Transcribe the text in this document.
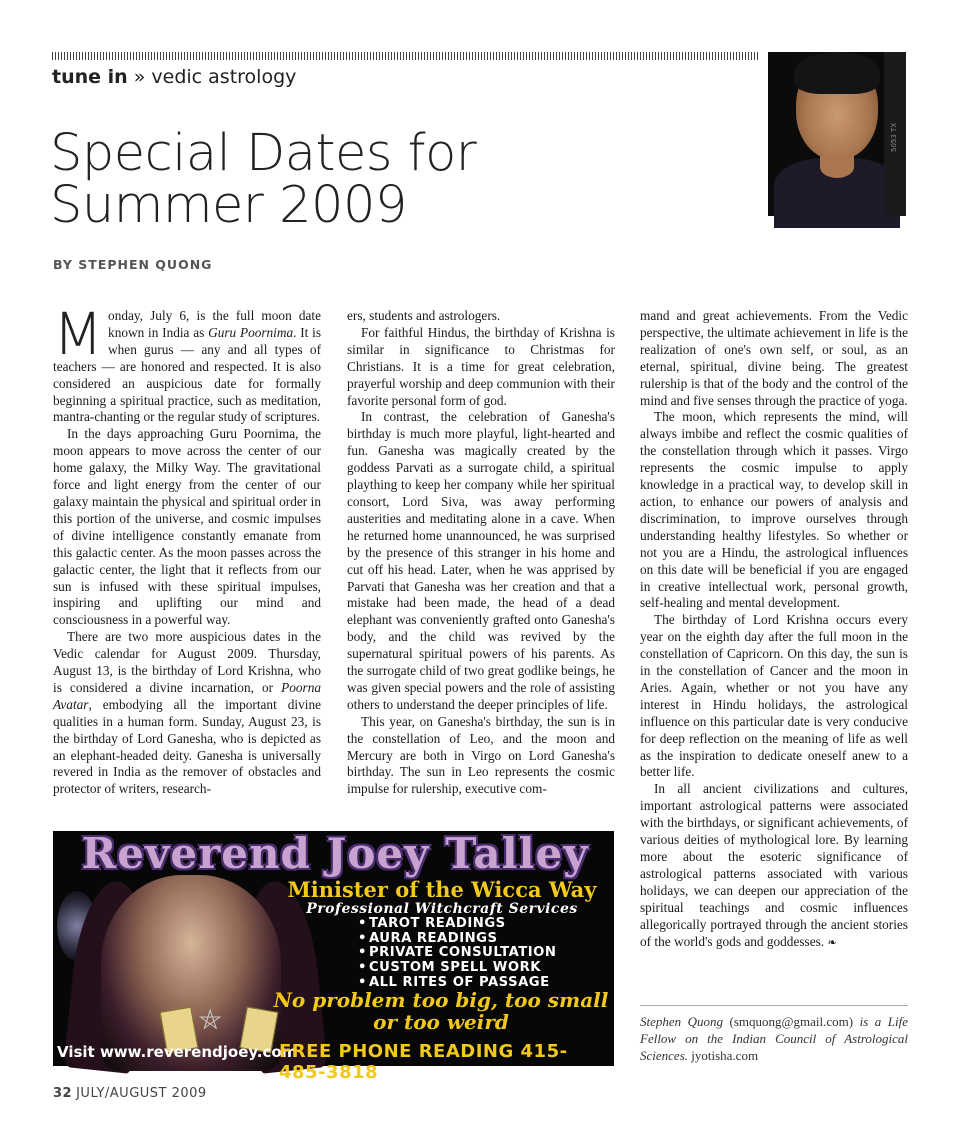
tune in » vedic astrology
Special Dates for Summer 2009
BY STEPHEN QUONG
5053 TX

Monday, July 6, is the full moon date known in India as Guru Poornima. It is when gurus — any and all types of teachers — are honored and respected. It is also considered an auspicious date for formally beginning a spiritual practice, such as meditation, mantra-chanting or the regular study of scriptures.

In the days approaching Guru Poornima, the moon appears to move across the center of our home galaxy, the Milky Way. The gravitational force and light energy from the center of our galaxy maintain the physical and spiritual order in this portion of the universe, and cosmic impulses of divine intelligence constantly emanate from this galactic center. As the moon passes across the galactic center, the light that it reflects from our sun is infused with these spiritual impulses, inspiring and uplifting our mind and consciousness in a powerful way.

There are two more auspicious dates in the Vedic calendar for August 2009. Thursday, August 13, is the birthday of Lord Krishna, who is considered a divine incarnation, or Poorna Avatar, embodying all the important divine qualities in a human form. Sunday, August 23, is the birthday of Lord Ganesha, who is depicted as an elephant-headed deity. Ganesha is universally revered in India as the remover of obstacles and protector of writers, research-

ers, students and astrologers.

For faithful Hindus, the birthday of Krishna is similar in significance to Christmas for Christians. It is a time for great celebration, prayerful worship and deep communion with their favorite personal form of god.

In contrast, the celebration of Ganesha's birthday is much more playful, light-hearted and fun. Ganesha was magically created by the goddess Parvati as a surrogate child, a spiritual plaything to keep her company while her spiritual consort, Lord Siva, was away performing austerities and meditating alone in a cave. When he returned home unannounced, he was surprised by the presence of this stranger in his home and cut off his head. Later, when he was apprised by Parvati that Ganesha was her creation and that a mistake had been made, the head of a dead elephant was conveniently grafted onto Ganesha's body, and the child was revived by the supernatural spiritual powers of his parents. As the surrogate child of two great godlike beings, he was given special powers and the role of assisting others to understand the deeper principles of life.

This year, on Ganesha's birthday, the sun is in the constellation of Leo, and the moon and Mercury are both in Virgo on Lord Ganesha's birthday. The sun in Leo represents the cosmic impulse for rulership, executive com-

mand and great achievements. From the Vedic perspective, the ultimate achievement in life is the realization of one's own self, or soul, as an eternal, spiritual, divine being. The greatest rulership is that of the body and the control of the mind and five senses through the practice of yoga.

The moon, which represents the mind, will always imbibe and reflect the cosmic qualities of the constellation through which it passes. Virgo represents the cosmic impulse to apply knowledge in a practical way, to develop skill in action, to enhance our powers of analysis and discrimination, to improve ourselves through understanding healthy lifestyles. So whether or not you are a Hindu, the astrological influences on this date will be beneficial if you are engaged in creative intellectual work, personal growth, self-healing and mental development.

The birthday of Lord Krishna occurs every year on the eighth day after the full moon in the constellation of Capricorn. On this day, the sun is in the constellation of Cancer and the moon in Aries. Again, whether or not you have any interest in Hindu holidays, the astrological influence on this particular date is very conducive for deep reflection on the meaning of life as well as the inspiration to dedicate oneself anew to a better life.

In all ancient civilizations and cultures, important astrological patterns were associated with the birthdays, or significant achievements, of various deities of mythological lore. By learning more about the esoteric significance of astrological patterns associated with various holidays, we can deepen our appreciation of the spiritual teachings and cosmic influences allegorically portrayed through the ancient stories of the world's gods and goddesses. ❧

Stephen Quong (smquong@gmail.com) is a Life Fellow on the Indian Council of Astrological Sciences. jyotisha.com

⛤
Reverend Joey Talley
Minister of the Wicca Way
Professional Witchcraft Services
• TAROT READINGS
• AURA READINGS
• PRIVATE CONSULTATION
• CUSTOM SPELL WORK
• ALL RITES OF PASSAGE
No problem too big, too small
or too weird
Visit www.reverendjoey.com
FREE PHONE READING 415-485-3818
32 JULY/AUGUST 2009
